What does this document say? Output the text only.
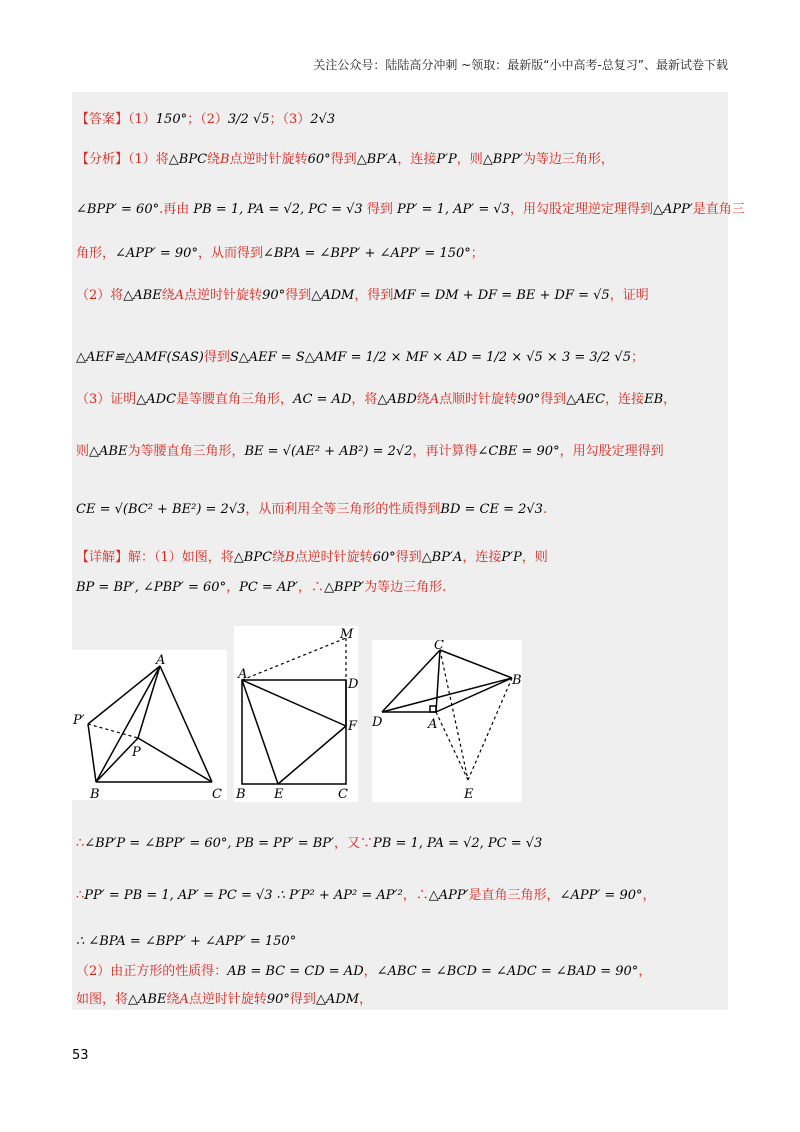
关注公众号：陆陆高分冲刺 ~领取：最新版“小中高考-总复习”、最新试卷下载
【答案】（1）150°；（2）3/2 √5；（3）2√3
【分析】（1）将△BPC绕B点逆时针旋转60°得到△BP′A，连接P′P，则△BPP′为等边三角形，
∠BPP′ = 60°.再由 PB = 1, PA = √2, PC = √3 得到 PP′ = 1, AP′ = √3，用勾股定理逆定理得到△APP′是直角三
角形，∠APP′ = 90°，从而得到∠BPA = ∠BPP′ + ∠APP′ = 150°；
（2）将△ABE绕A点逆时针旋转90°得到△ADM，得到MF = DM + DF = BE + DF = √5，证明
△AEF≌△AMF(SAS)得到S△AEF = S△AMF = 1/2 × MF × AD = 1/2 × √5 × 3 = 3/2 √5；
（3）证明△ADC是等腰直角三角形，AC = AD，将△ABD绕A点顺时针旋转90°得到△AEC，连接EB，
则△ABE为等腰直角三角形，BE = √(AE² + AB²) = 2√2，再计算得∠CBE = 90°，用勾股定理得到
CE = √(BC² + BE²) = 2√3，从而利用全等三角形的性质得到BD = CE = 2√3.
【详解】解：（1）如图，将△BPC绕B点逆时针旋转60°得到△BP′A，连接P′P，则
BP = BP′, ∠PBP′ = 60°，PC = AP′，∴△BPP′为等边三角形.
A
P′
P
B	C
M
A
D
F
B E	C
C
B
D	A
E
∴∠BP′P = ∠BPP′ = 60°, PB = PP′ = BP′，又∵PB = 1, PA = √2, PC = √3
∴PP′ = PB = 1, AP′ = PC = √3 ∴ P′P² + AP² = AP′²，∴△APP′是直角三角形，∠APP′ = 90°，
∴ ∠BPA = ∠BPP′ + ∠APP′ = 150°
（2）由正方形的性质得：AB = BC = CD = AD，∠ABC = ∠BCD = ∠ADC = ∠BAD = 90°，
如图，将△ABE绕A点逆时针旋转90°得到△ADM，
53
